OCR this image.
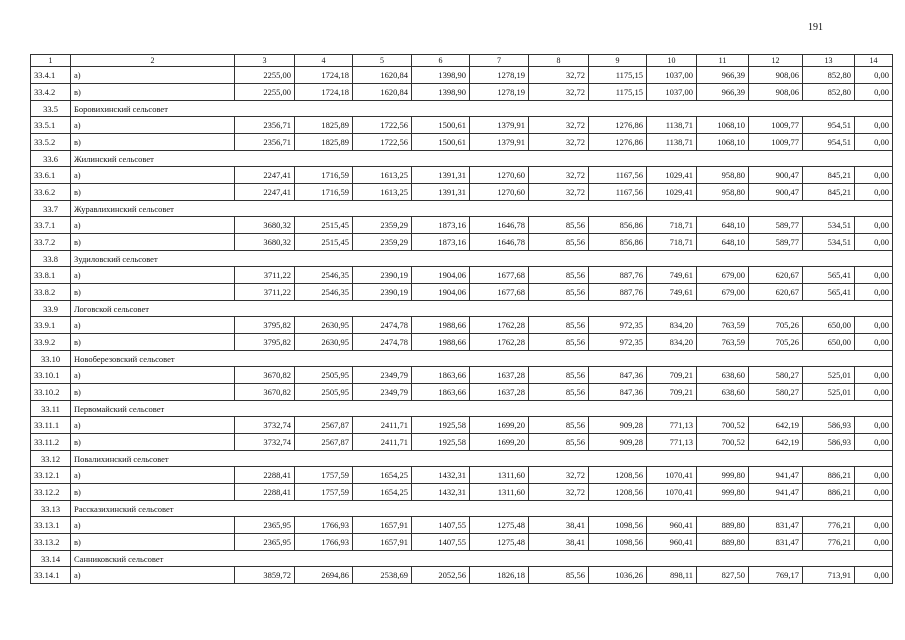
191
1	2	3	4	5	6	7	8	9	10	11	12	13	14
33.4.1	а)	2255,00	1724,18	1620,84	1398,90	1278,19	32,72	1175,15	1037,00	966,39	908,06	852,80	0,00
33.4.2	в)	2255,00	1724,18	1620,84	1398,90	1278,19	32,72	1175,15	1037,00	966,39	908,06	852,80	0,00
33.5	Боровихинский сельсовет												
33.5.1	а)	2356,71	1825,89	1722,56	1500,61	1379,91	32,72	1276,86	1138,71	1068,10	1009,77	954,51	0,00
33.5.2	в)	2356,71	1825,89	1722,56	1500,61	1379,91	32,72	1276,86	1138,71	1068,10	1009,77	954,51	0,00
33.6	Жилинский сельсовет												
33.6.1	а)	2247,41	1716,59	1613,25	1391,31	1270,60	32,72	1167,56	1029,41	958,80	900,47	845,21	0,00
33.6.2	в)	2247,41	1716,59	1613,25	1391,31	1270,60	32,72	1167,56	1029,41	958,80	900,47	845,21	0,00
33.7	Журавлихинский сельсовет												
33.7.1	а)	3680,32	2515,45	2359,29	1873,16	1646,78	85,56	856,86	718,71	648,10	589,77	534,51	0,00
33.7.2	в)	3680,32	2515,45	2359,29	1873,16	1646,78	85,56	856,86	718,71	648,10	589,77	534,51	0,00
33.8	Зудиловский сельсовет												
33.8.1	а)	3711,22	2546,35	2390,19	1904,06	1677,68	85,56	887,76	749,61	679,00	620,67	565,41	0,00
33.8.2	в)	3711,22	2546,35	2390,19	1904,06	1677,68	85,56	887,76	749,61	679,00	620,67	565,41	0,00
33.9	Логовской сельсовет												
33.9.1	а)	3795,82	2630,95	2474,78	1988,66	1762,28	85,56	972,35	834,20	763,59	705,26	650,00	0,00
33.9.2	в)	3795,82	2630,95	2474,78	1988,66	1762,28	85,56	972,35	834,20	763,59	705,26	650,00	0,00
33.10	Новоберезовский сельсовет												
33.10.1	а)	3670,82	2505,95	2349,79	1863,66	1637,28	85,56	847,36	709,21	638,60	580,27	525,01	0,00
33.10.2	в)	3670,82	2505,95	2349,79	1863,66	1637,28	85,56	847,36	709,21	638,60	580,27	525,01	0,00
33.11	Первомайский сельсовет												
33.11.1	а)	3732,74	2567,87	2411,71	1925,58	1699,20	85,56	909,28	771,13	700,52	642,19	586,93	0,00
33.11.2	в)	3732,74	2567,87	2411,71	1925,58	1699,20	85,56	909,28	771,13	700,52	642,19	586,93	0,00
33.12	Повалихинский сельсовет												
33.12.1	а)	2288,41	1757,59	1654,25	1432,31	1311,60	32,72	1208,56	1070,41	999,80	941,47	886,21	0,00
33.12.2	в)	2288,41	1757,59	1654,25	1432,31	1311,60	32,72	1208,56	1070,41	999,80	941,47	886,21	0,00
33.13	Рассказихинский сельсовет												
33.13.1	а)	2365,95	1766,93	1657,91	1407,55	1275,48	38,41	1098,56	960,41	889,80	831,47	776,21	0,00
33.13.2	в)	2365,95	1766,93	1657,91	1407,55	1275,48	38,41	1098,56	960,41	889,80	831,47	776,21	0,00
33.14	Санниковский сельсовет												
33.14.1	а)	3859,72	2694,86	2538,69	2052,56	1826,18	85,56	1036,26	898,11	827,50	769,17	713,91	0,00
